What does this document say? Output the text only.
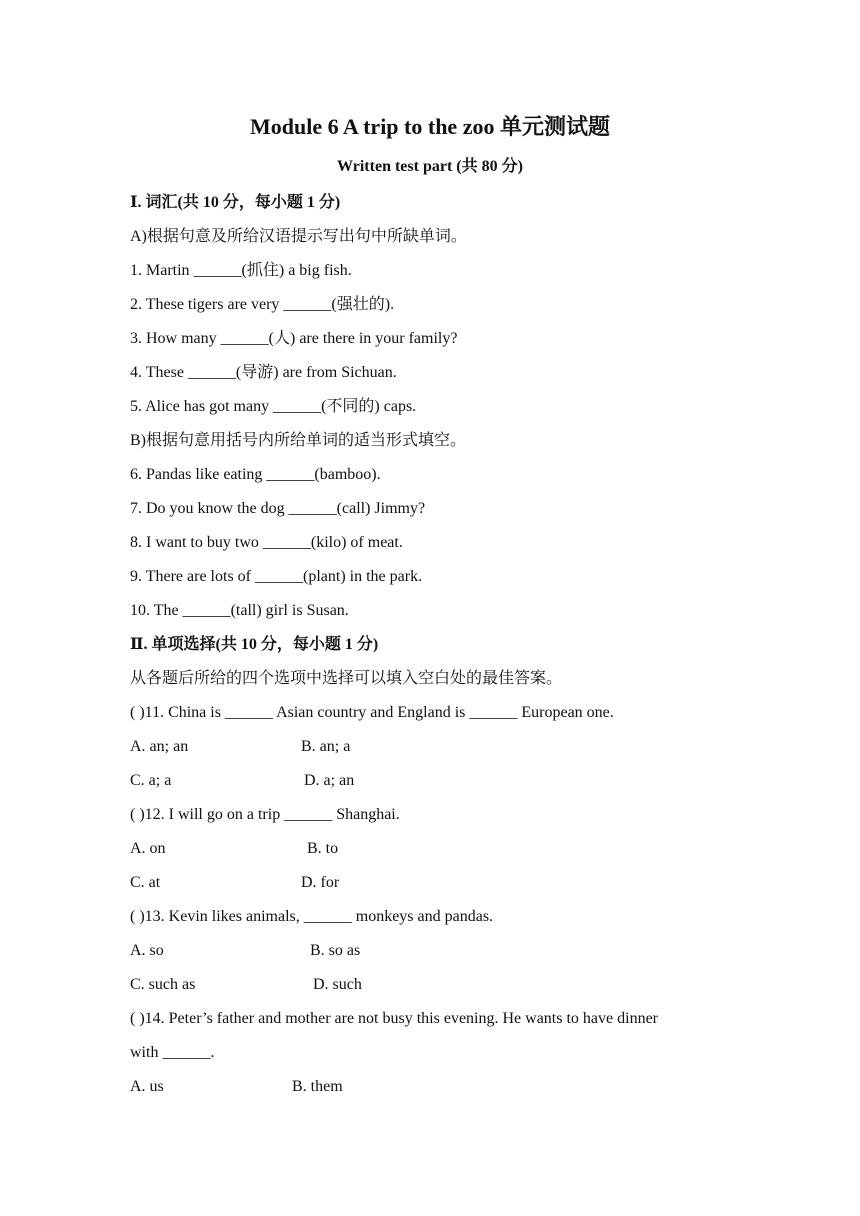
Module 6 A trip to the zoo 单元测试题
Written test part (共 80 分)
Ⅰ. 词汇(共 10 分，每小题 1 分)
A)根据句意及所给汉语提示写出句中所缺单词。
1. Martin ______(抓住) a big fish.
2. These tigers are very ______(强壮的).
3. How many ______(人) are there in your family?
4. These ______(导游) are from Sichuan.
5. Alice has got many ______(不同的) caps.
B)根据句意用括号内所给单词的适当形式填空。
6. Pandas like eating ______(bamboo).
7. Do you know the dog ______(call) Jimmy?
8. I want to buy two ______(kilo) of meat.
9. There are lots of ______(plant) in the park.
10. The ______(tall) girl is Susan.
Ⅱ. 单项选择(共 10 分，每小题 1 分)
从各题后所给的四个选项中选择可以填入空白处的最佳答案。
( )11. China is ______ Asian country and England is ______ European one.
A. an; an	B. an; a
C. a; a	D. a; an
( )12. I will go on a trip ______ Shanghai.
A. on	B. to
C. at	D. for
( )13. Kevin likes animals, ______ monkeys and pandas.
A. so	B. so as
C. such as	D. such
( )14. Peter’s father and mother are not busy this evening. He wants to have dinner
with ______.
A. us	B. them
